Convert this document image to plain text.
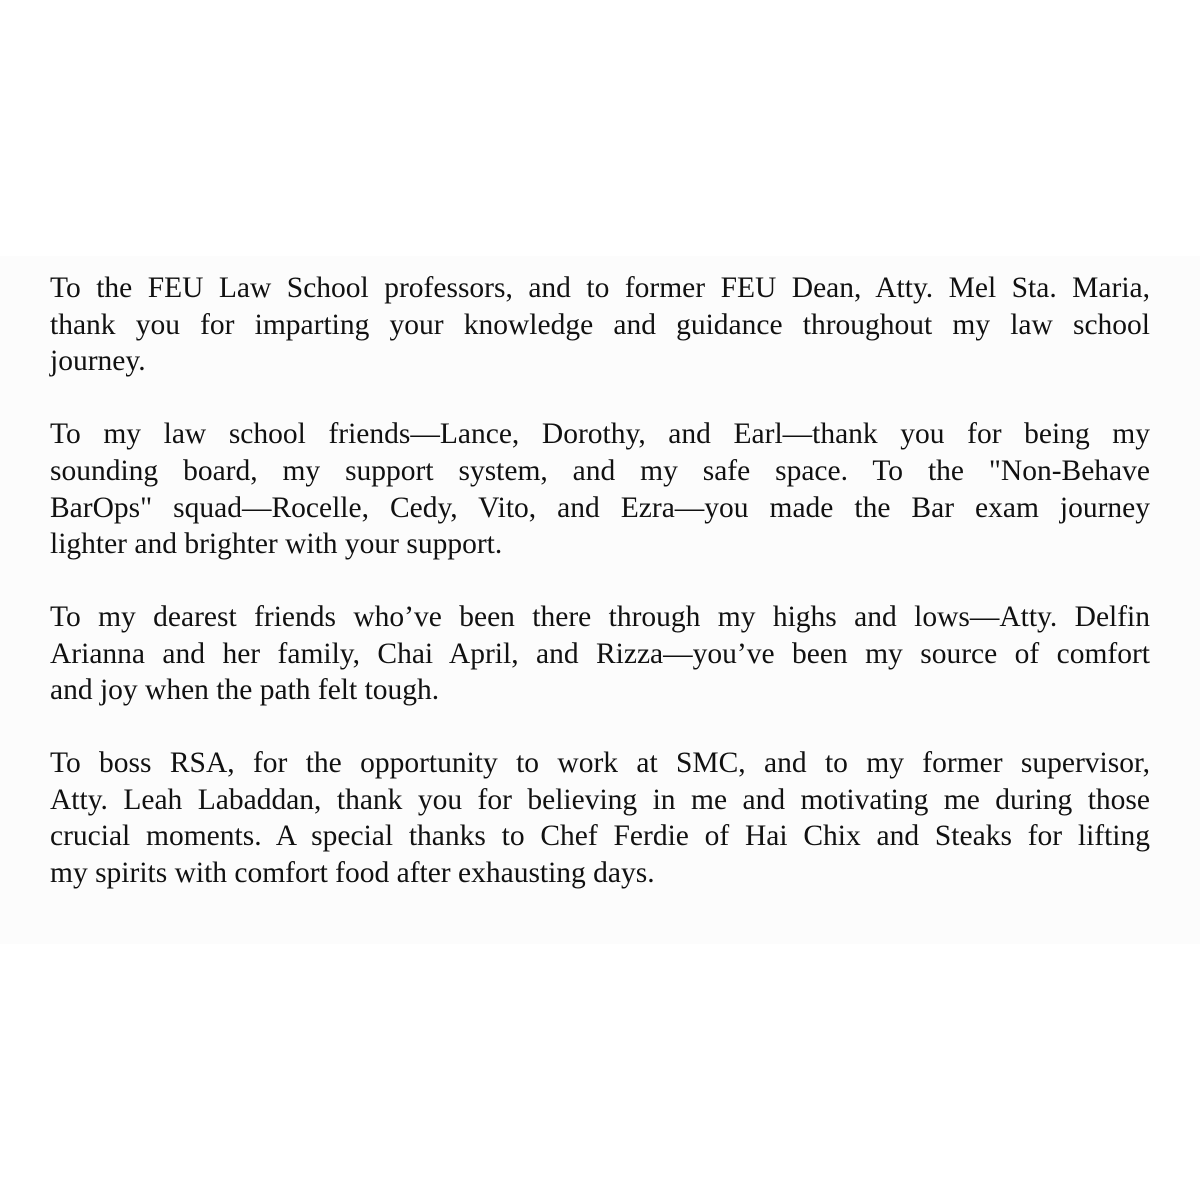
To the FEU Law School professors, and to former FEU Dean, Atty. Mel Sta. Maria,
thank you for imparting your knowledge and guidance throughout my law school
journey.

To my law school friends—Lance, Dorothy, and Earl—thank you for being my
sounding board, my support system, and my safe space. To the "Non-Behave
BarOps" squad—Rocelle, Cedy, Vito, and Ezra—you made the Bar exam journey
lighter and brighter with your support.

To my dearest friends who’ve been there through my highs and lows—Atty. Delfin
Arianna and her family, Chai April, and Rizza—you’ve been my source of comfort
and joy when the path felt tough.

To boss RSA, for the opportunity to work at SMC, and to my former supervisor,
Atty. Leah Labaddan, thank you for believing in me and motivating me during those
crucial moments. A special thanks to Chef Ferdie of Hai Chix and Steaks for lifting
my spirits with comfort food after exhausting days.
